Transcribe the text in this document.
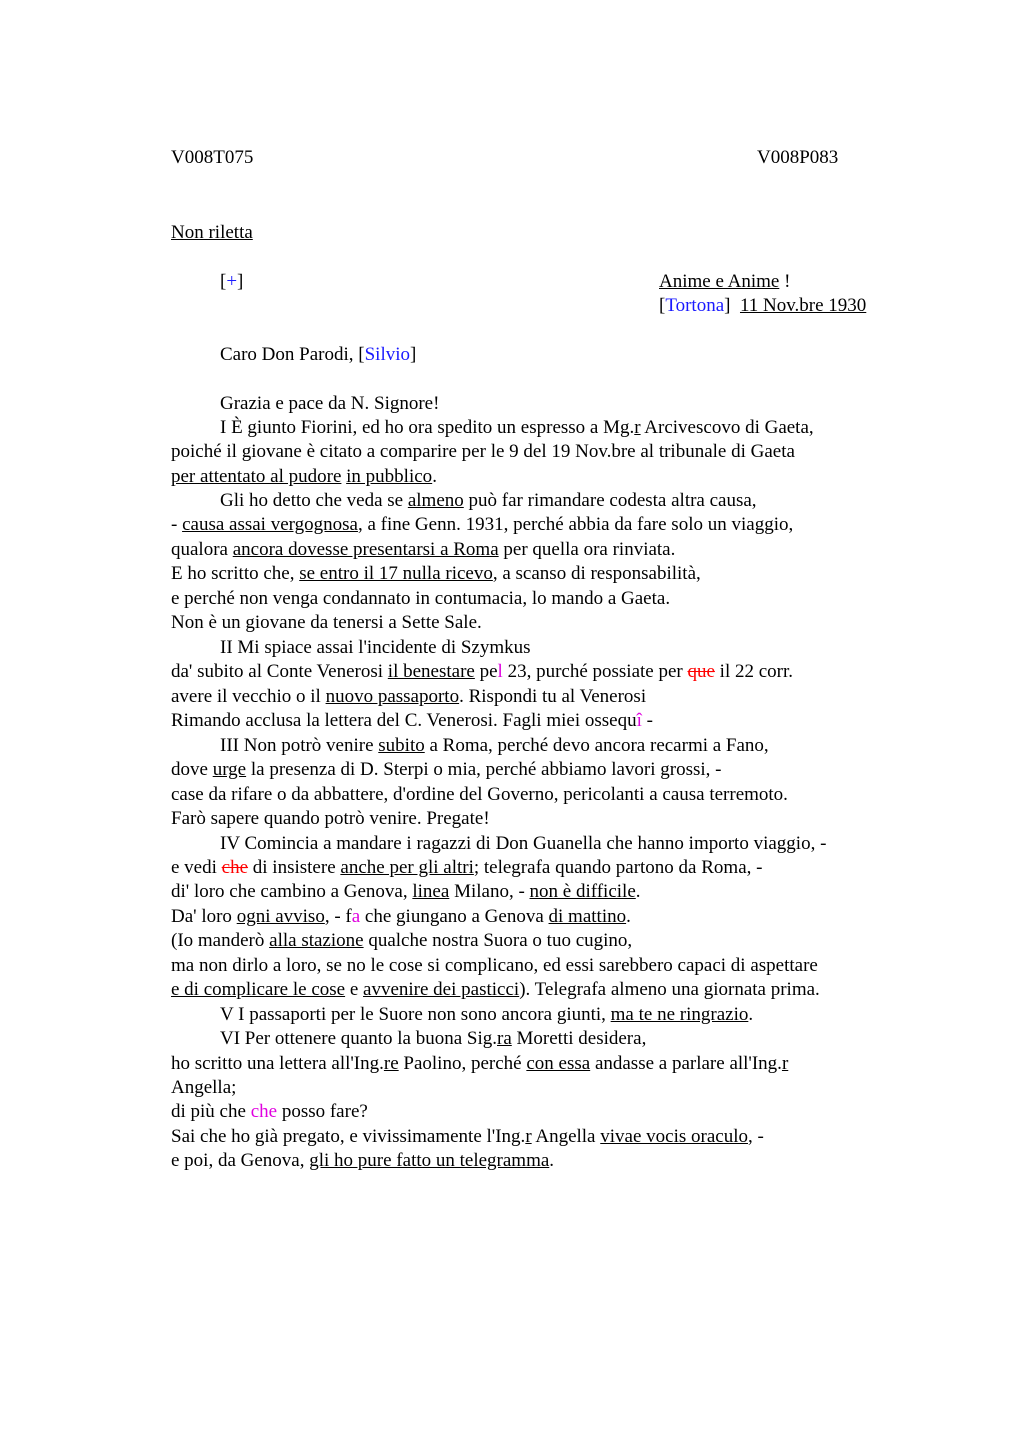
V008T075	V008P083
Non riletta
[+]	Anime e Anime !
[Tortona] 11 Nov.bre 1930
Caro Don Parodi, [Silvio]
Grazia e pace da N. Signore!
I È giunto Fiorini, ed ho ora spedito un espresso a Mg.r Arcivescovo di Gaeta,
poiché il giovane è citato a comparire per le 9 del 19 Nov.bre al tribunale di Gaeta
per attentato al pudore in pubblico.
Gli ho detto che veda se almeno può far rimandare codesta altra causa,
- causa assai vergognosa, a fine Genn. 1931, perché abbia da fare solo un viaggio,
qualora ancora dovesse presentarsi a Roma per quella ora rinviata.
E ho scritto che, se entro il 17 nulla ricevo, a scanso di responsabilità,
e perché non venga condannato in contumacia, lo mando a Gaeta.
Non è un giovane da tenersi a Sette Sale.
II Mi spiace assai l'incidente di Szymkus
da' subito al Conte Venerosi il benestare pel 23, purché possiate per que il 22 corr.
avere il vecchio o il nuovo passaporto. Rispondi tu al Venerosi
Rimando acclusa la lettera del C. Venerosi. Fagli miei ossequî -
III Non potrò venire subito a Roma, perché devo ancora recarmi a Fano,
dove urge la presenza di D. Sterpi o mia, perché abbiamo lavori grossi, -
case da rifare o da abbattere, d'ordine del Governo, pericolanti a causa terremoto.
Farò sapere quando potrò venire. Pregate!
IV Comincia a mandare i ragazzi di Don Guanella che hanno importo viaggio, -
e vedi che di insistere anche per gli altri; telegrafa quando partono da Roma, -
di' loro che cambino a Genova, linea Milano, - non è difficile.
Da' loro ogni avviso, - fa che giungano a Genova di mattino.
(Io manderò alla stazione qualche nostra Suora o tuo cugino,
ma non dirlo a loro, se no le cose si complicano, ed essi sarebbero capaci di aspettare
e di complicare le cose e avvenire dei pasticci). Telegrafa almeno una giornata prima.
V I passaporti per le Suore non sono ancora giunti, ma te ne ringrazio.
VI Per ottenere quanto la buona Sig.ra Moretti desidera,
ho scritto una lettera all'Ing.re Paolino, perché con essa andasse a parlare all'Ing.r
Angella;
di più che che posso fare?
Sai che ho già pregato, e vivissimamente l'Ing.r Angella vivae vocis oraculo, -
e poi, da Genova, gli ho pure fatto un telegramma.
